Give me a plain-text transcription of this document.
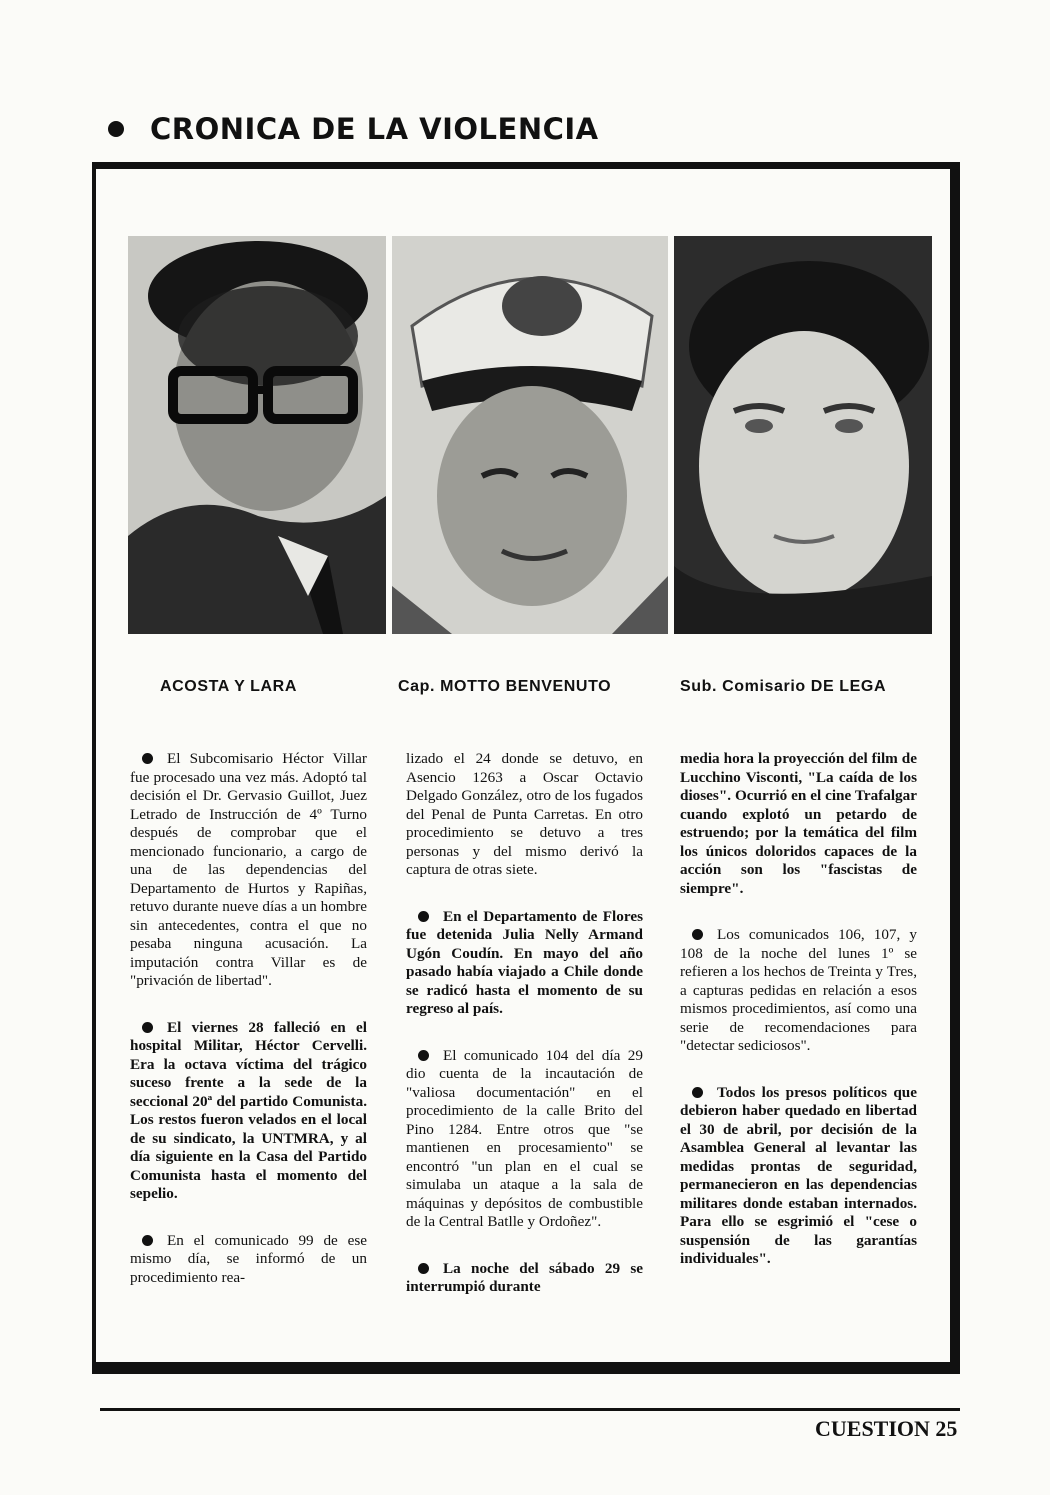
CRONICA DE LA VIOLENCIA
ACOSTA Y LARA	Cap. MOTTO BENVENUTO	Sub. Comisario DE LEGA

El Subcomisario Héctor Villar fue procesado una vez más. Adoptó tal decisión el Dr. Gervasio Guillot, Juez Letrado de Instrucción de 4º Turno después de comprobar que el mencionado funcionario, a cargo de una de las dependencias del Departamento de Hurtos y Rapiñas, retuvo durante nueve días a un hombre sin antecedentes, contra el que no pesaba ninguna acusación. La imputación contra Villar es de "privación de libertad".

El viernes 28 falleció en el hospital Militar, Héctor Cervelli. Era la octava víctima del trágico suceso frente a la sede de la seccional 20ª del partido Comunista. Los restos fueron velados en el local de su sindicato, la UNTMRA, y al día siguiente en la Casa del Partido Comunista hasta el momento del sepelio.

En el comunicado 99 de ese mismo día, se informó de un procedimiento rea-

lizado el 24 donde se detuvo, en Asencio 1263 a Oscar Octavio Delgado González, otro de los fugados del Penal de Punta Carretas. En otro procedimiento se detuvo a tres personas y del mismo derivó la captura de otras siete.

En el Departamento de Flores fue detenida Julia Nelly Armand Ugón Coudín. En mayo del año pasado había viajado a Chile donde se radicó hasta el momento de su regreso al país.

El comunicado 104 del día 29 dio cuenta de la incautación de "valiosa documentación" en el procedimiento de la calle Brito del Pino 1284. Entre otros que "se mantienen en procesamiento" se encontró "un plan en el cual se simulaba un ataque a la sala de máquinas y depósitos de combustible de la Central Batlle y Ordoñez".

La noche del sábado 29 se interrumpió durante

media hora la proyección del film de Lucchino Visconti, "La caída de los dioses". Ocurrió en el cine Trafalgar cuando explotó un petardo de estruendo; por la temática del film los únicos doloridos capaces de la acción son los "fascistas de siempre".

Los comunicados 106, 107, y 108 de la noche del lunes 1º se refieren a los hechos de Treinta y Tres, a capturas pedidas en relación a esos mismos procedimientos, así como una serie de recomendaciones para "detectar sediciosos".

Todos los presos políticos que debieron haber quedado en libertad el 30 de abril, por decisión de la Asamblea General al levantar las medidas prontas de seguridad, permanecieron en las dependencias militares donde estaban internados. Para ello se esgrimió el "cese o suspensión de las garantías individuales".

CUESTION 25
